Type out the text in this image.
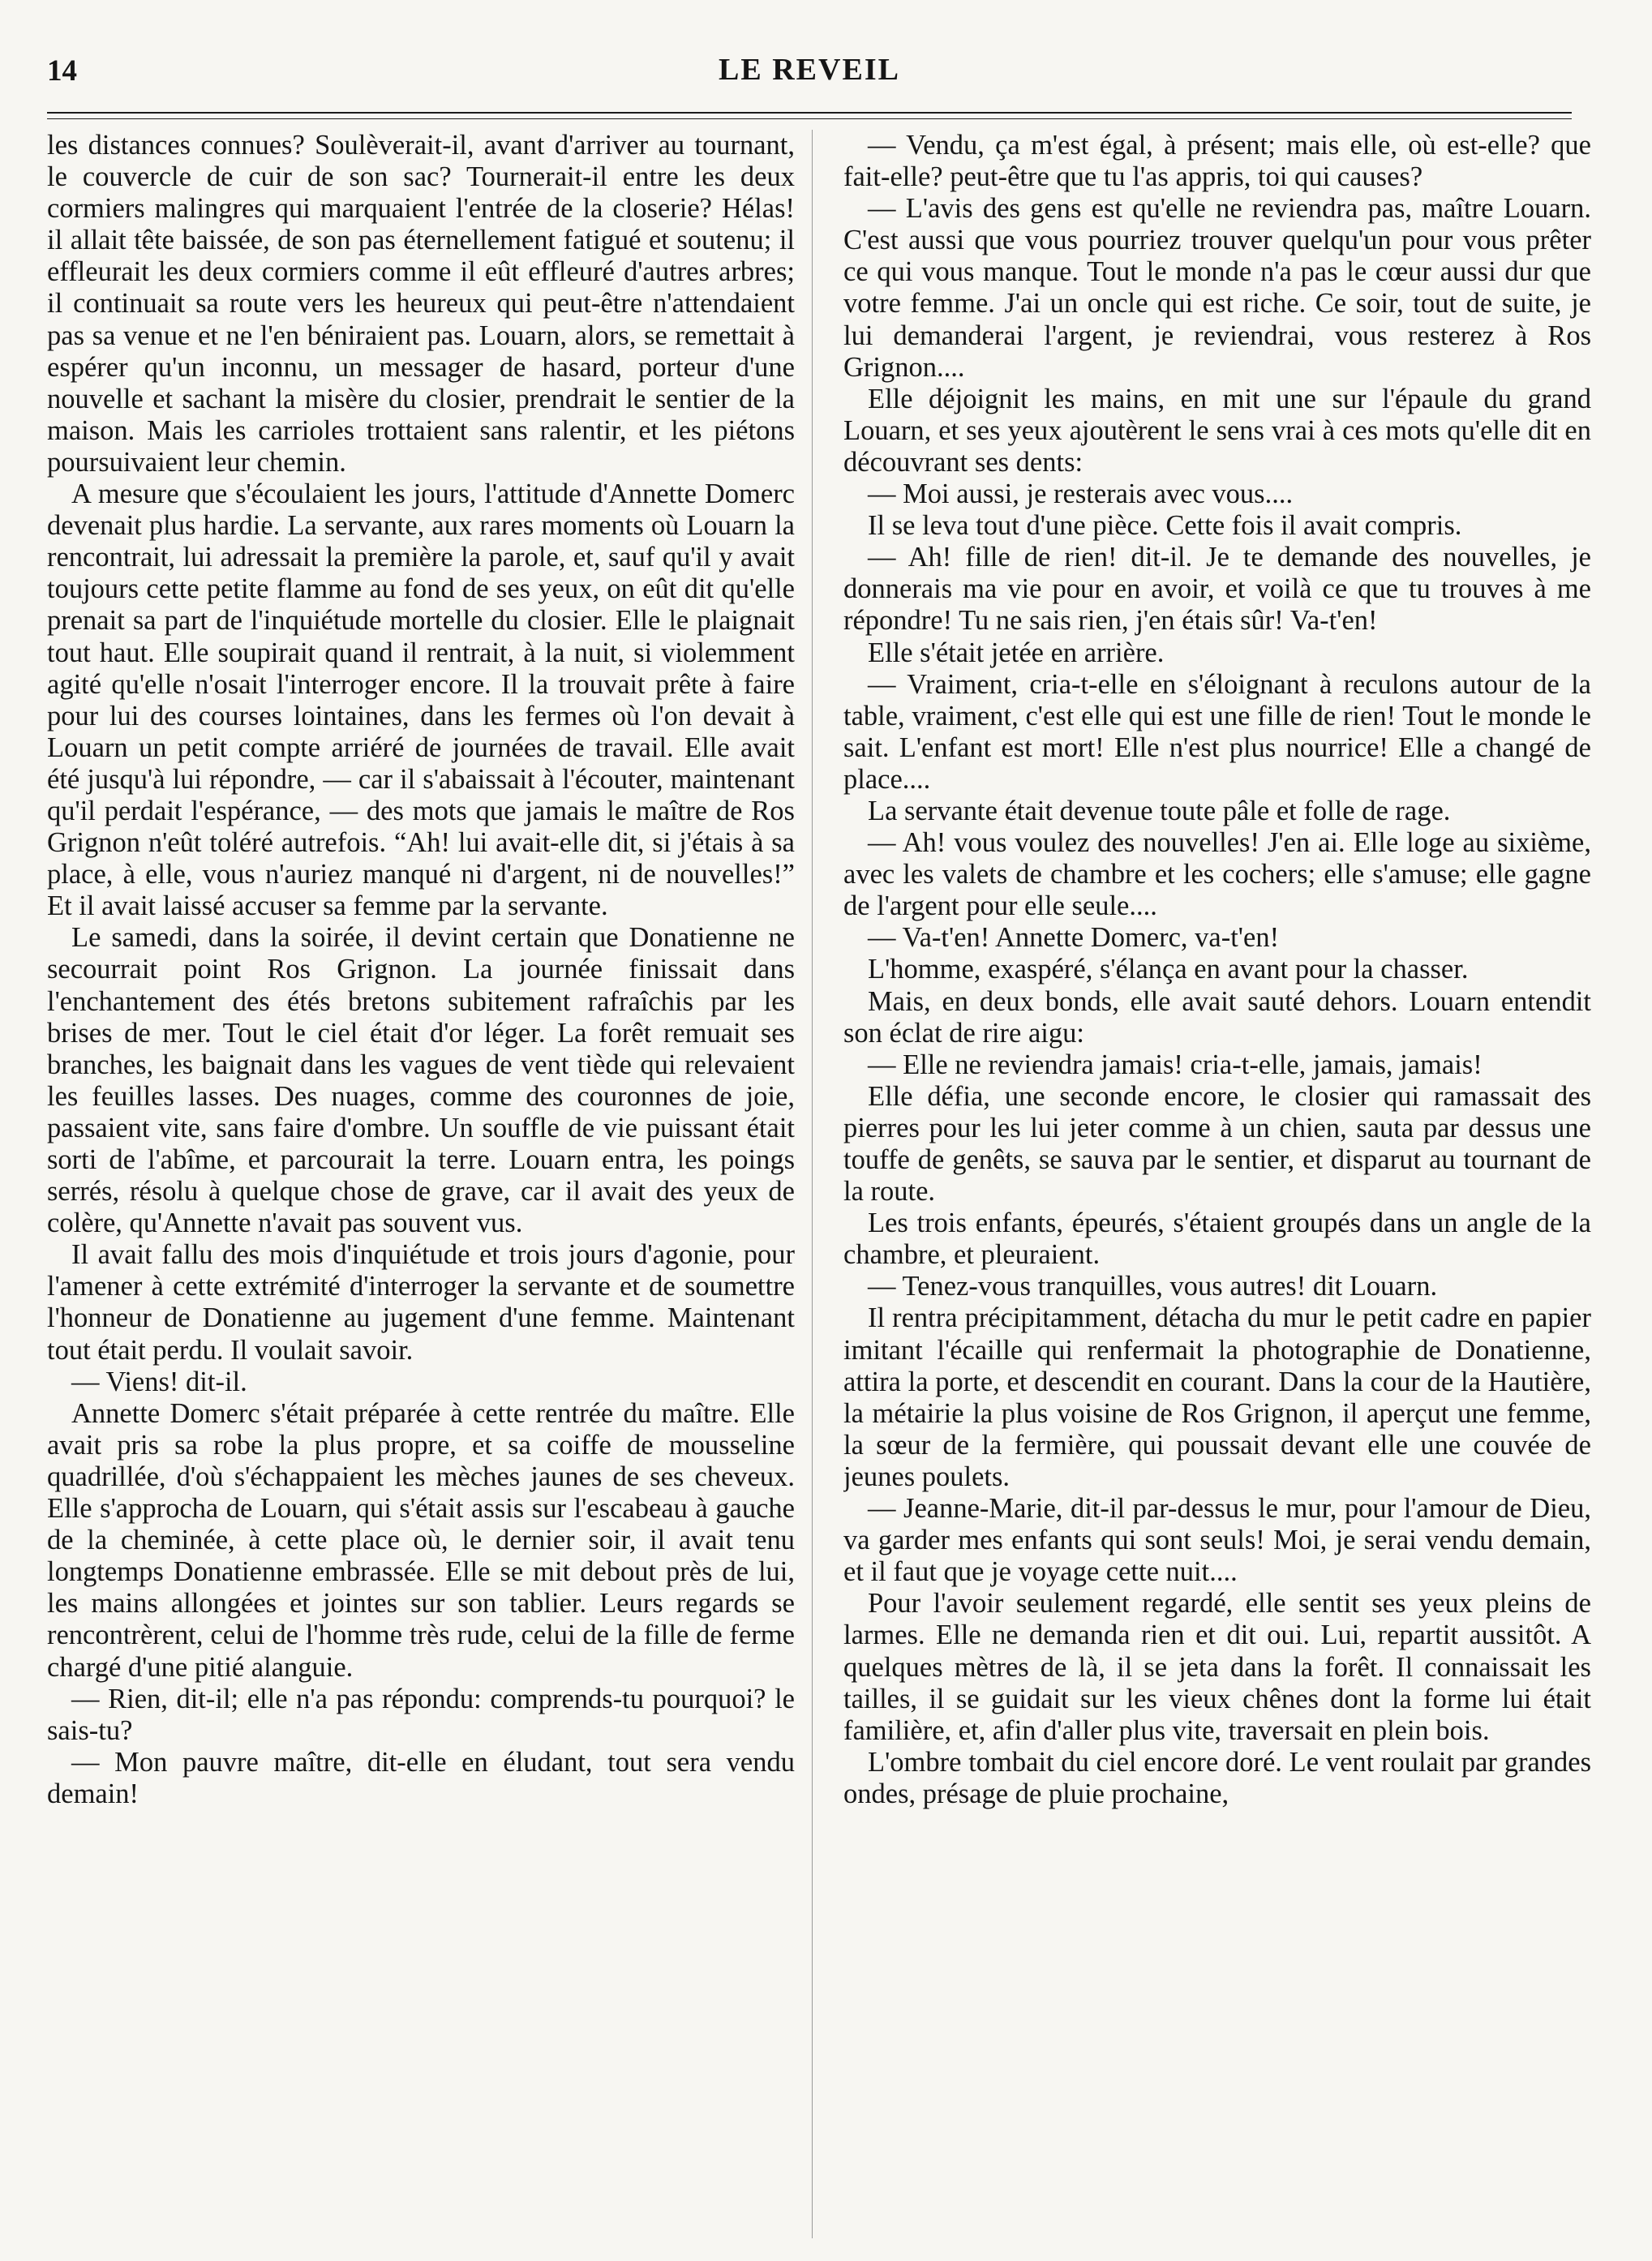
14	LE REVEIL

les distances connues? Soulèverait-il, avant d'arriver au tournant, le couvercle de cuir de son sac? Tournerait-il entre les deux cormiers malingres qui marquaient l'entrée de la closerie? Hélas! il allait tête baissée, de son pas éternellement fatigué et soutenu; il effleurait les deux cormiers comme il eût effleuré d'autres arbres; il continuait sa route vers les heureux qui peut-être n'attendaient pas sa venue et ne l'en béniraient pas. Louarn, alors, se remettait à espérer qu'un inconnu, un messager de hasard, porteur d'une nouvelle et sachant la misère du closier, prendrait le sentier de la maison. Mais les carrioles trottaient sans ralentir, et les piétons poursuivaient leur chemin.

A mesure que s'écoulaient les jours, l'attitude d'Annette Domerc devenait plus hardie. La servante, aux rares moments où Louarn la rencontrait, lui adressait la première la parole, et, sauf qu'il y avait toujours cette petite flamme au fond de ses yeux, on eût dit qu'elle prenait sa part de l'inquiétude mortelle du closier. Elle le plaignait tout haut. Elle soupirait quand il rentrait, à la nuit, si violemment agité qu'elle n'osait l'interroger encore. Il la trouvait prête à faire pour lui des courses lointaines, dans les fermes où l'on devait à Louarn un petit compte arriéré de journées de travail. Elle avait été jusqu'à lui répondre, — car il s'abaissait à l'écouter, maintenant qu'il perdait l'espérance, — des mots que jamais le maître de Ros Grignon n'eût toléré autrefois. “Ah! lui avait-elle dit, si j'étais à sa place, à elle, vous n'auriez manqué ni d'argent, ni de nouvelles!” Et il avait laissé accuser sa femme par la servante.

Le samedi, dans la soirée, il devint certain que Donatienne ne secourrait point Ros Grignon. La journée finissait dans l'enchantement des étés bretons subitement rafraîchis par les brises de mer. Tout le ciel était d'or léger. La forêt remuait ses branches, les baignait dans les vagues de vent tiède qui relevaient les feuilles lasses. Des nuages, comme des couronnes de joie, passaient vite, sans faire d'ombre. Un souffle de vie puissant était sorti de l'abîme, et parcourait la terre. Louarn entra, les poings serrés, résolu à quelque chose de grave, car il avait des yeux de colère, qu'Annette n'avait pas souvent vus.

Il avait fallu des mois d'inquiétude et trois jours d'agonie, pour l'amener à cette extrémité d'interroger la servante et de soumettre l'honneur de Donatienne au jugement d'une femme. Maintenant tout était perdu. Il voulait savoir.

— Viens! dit-il.

Annette Domerc s'était préparée à cette rentrée du maître. Elle avait pris sa robe la plus propre, et sa coiffe de mousseline quadrillée, d'où s'échappaient les mèches jaunes de ses cheveux. Elle s'approcha de Louarn, qui s'était assis sur l'escabeau à gauche de la cheminée, à cette place où, le dernier soir, il avait tenu longtemps Donatienne embrassée. Elle se mit debout près de lui, les mains allongées et jointes sur son tablier. Leurs regards se rencontrèrent, celui de l'homme très rude, celui de la fille de ferme chargé d'une pitié alanguie.

— Rien, dit-il; elle n'a pas répondu: comprends-tu pourquoi? le sais-tu?

— Mon pauvre maître, dit-elle en éludant, tout sera vendu demain!

— Vendu, ça m'est égal, à présent; mais elle, où est-elle? que fait-elle? peut-être que tu l'as appris, toi qui causes?

— L'avis des gens est qu'elle ne reviendra pas, maître Louarn. C'est aussi que vous pourriez trouver quelqu'un pour vous prêter ce qui vous manque. Tout le monde n'a pas le cœur aussi dur que votre femme. J'ai un oncle qui est riche. Ce soir, tout de suite, je lui demanderai l'argent, je reviendrai, vous resterez à Ros Grignon....

Elle déjoignit les mains, en mit une sur l'épaule du grand Louarn, et ses yeux ajoutèrent le sens vrai à ces mots qu'elle dit en découvrant ses dents:

— Moi aussi, je resterais avec vous....

Il se leva tout d'une pièce. Cette fois il avait compris.

— Ah! fille de rien! dit-il. Je te demande des nouvelles, je donnerais ma vie pour en avoir, et voilà ce que tu trouves à me répondre! Tu ne sais rien, j'en étais sûr! Va-t'en!

Elle s'était jetée en arrière.

— Vraiment, cria-t-elle en s'éloignant à reculons autour de la table, vraiment, c'est elle qui est une fille de rien! Tout le monde le sait. L'enfant est mort! Elle n'est plus nourrice! Elle a changé de place....

La servante était devenue toute pâle et folle de rage.

— Ah! vous voulez des nouvelles! J'en ai. Elle loge au sixième, avec les valets de chambre et les cochers; elle s'amuse; elle gagne de l'argent pour elle seule....

— Va-t'en! Annette Domerc, va-t'en!

L'homme, exaspéré, s'élança en avant pour la chasser.

Mais, en deux bonds, elle avait sauté dehors. Louarn entendit son éclat de rire aigu:

— Elle ne reviendra jamais! cria-t-elle, jamais, jamais!

Elle défia, une seconde encore, le closier qui ramassait des pierres pour les lui jeter comme à un chien, sauta par dessus une touffe de genêts, se sauva par le sentier, et disparut au tournant de la route.

Les trois enfants, épeurés, s'étaient groupés dans un angle de la chambre, et pleuraient.

— Tenez-vous tranquilles, vous autres! dit Louarn.

Il rentra précipitamment, détacha du mur le petit cadre en papier imitant l'écaille qui renfermait la photographie de Donatienne, attira la porte, et descendit en courant. Dans la cour de la Hautière, la métairie la plus voisine de Ros Grignon, il aperçut une femme, la sœur de la fermière, qui poussait devant elle une couvée de jeunes poulets.

— Jeanne-Marie, dit-il par-dessus le mur, pour l'amour de Dieu, va garder mes enfants qui sont seuls! Moi, je serai vendu demain, et il faut que je voyage cette nuit....

Pour l'avoir seulement regardé, elle sentit ses yeux pleins de larmes. Elle ne demanda rien et dit oui. Lui, repartit aussitôt. A quelques mètres de là, il se jeta dans la forêt. Il connaissait les tailles, il se guidait sur les vieux chênes dont la forme lui était familière, et, afin d'aller plus vite, traversait en plein bois.

L'ombre tombait du ciel encore doré. Le vent roulait par grandes ondes, présage de pluie prochaine,
